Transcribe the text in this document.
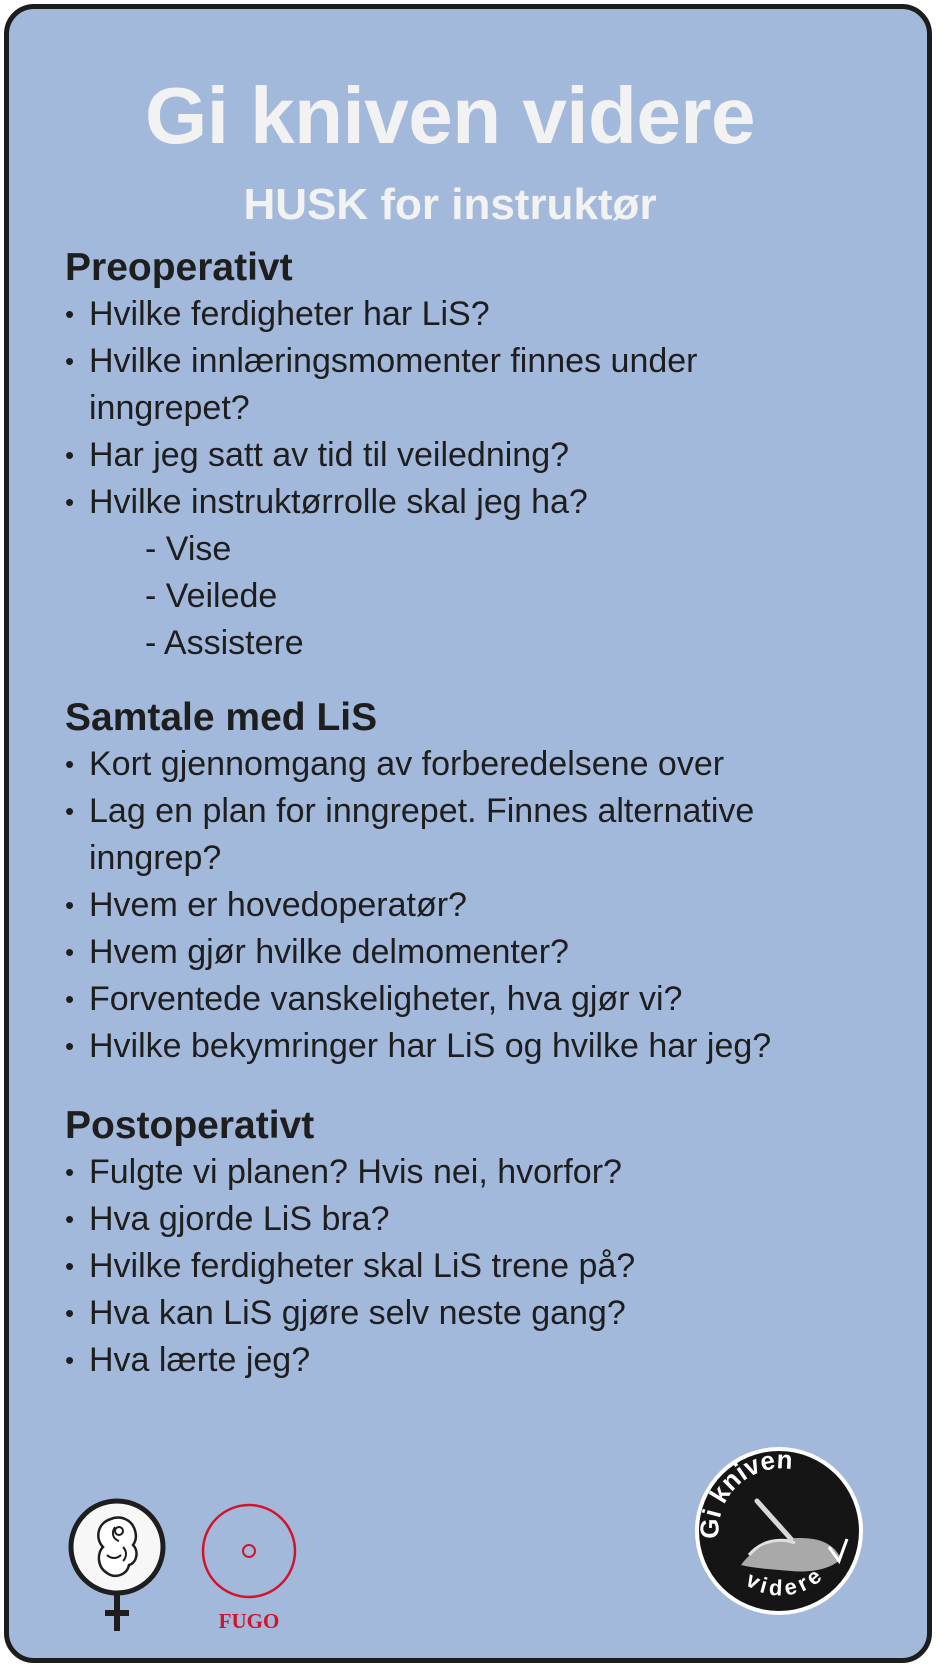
Gi kniven videre
HUSK for instruktør
Preoperativt
• Hvilke ferdigheter har LiS?
• Hvilke innlæringsmomenter finnes under
inngrepet?
• Har jeg satt av tid til veiledning?
• Hvilke instruktørrolle skal jeg ha?
- Vise
- Veilede
- Assistere
Samtale med LiS
• Kort gjennomgang av forberedelsene over
• Lag en plan for inngrepet. Finnes alternative
inngrep?
• Hvem er hovedoperatør?
• Hvem gjør hvilke delmomenter?
• Forventede vanskeligheter, hva gjør vi?
• Hvilke bekymringer har LiS og hvilke har jeg?
Postoperativt
• Fulgte vi planen? Hvis nei, hvorfor?
• Hva gjorde LiS bra?
• Hvilke ferdigheter skal LiS trene på?
• Hva kan LiS gjøre selv neste gang?
• Hva lærte jeg?
FUGO
Gi kniven
videre
